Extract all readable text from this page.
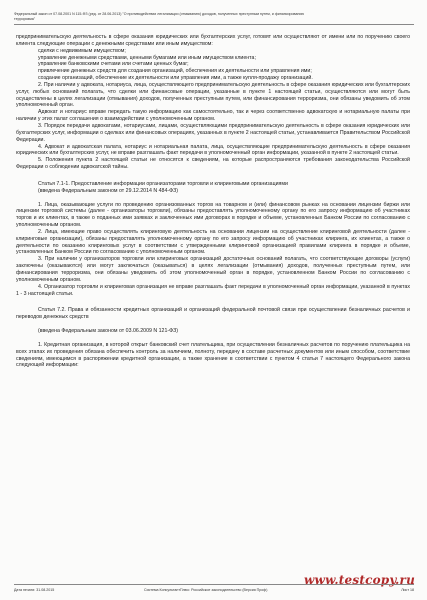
Федеральный закон от 07.08.2001 N 115-ФЗ (ред. от 28.06.2013) "О противодействии легализации (отмыванию) доходов, полученных преступным путем, и финансированию
терроризма"

предпринимательскую деятельность в сфере оказания юридических или бухгалтерских услуг, готовят или осуществляют от имени или по поручению своего клиента следующие операции с денежными средствами или иным имуществом:

сделки с недвижимым имуществом;

управление денежными средствами, ценными бумагами или иным имуществом клиента;

управление банковскими счетами или счетами ценных бумаг;

привлечение денежных средств для создания организаций, обеспечения их деятельности или управления ими;

создание организаций, обеспечение их деятельности или управления ими, а также купля-продажу организаций.

2. При наличии у адвоката, нотариуса, лица, осуществляющего предпринимательскую деятельность в сфере оказания юридических или бухгалтерских услуг, любых оснований полагать, что сделки или финансовые операции, указанные в пункте 1 настоящей статьи, осуществляются или могут быть осуществлены в целях легализации (отмывания) доходов, полученных преступным путем, или финансирования терроризма, они обязаны уведомить об этом уполномоченный орган.

Адвокат и нотариус вправе передать такую информацию как самостоятельно, так и через соответственно адвокатскую и нотариальную палаты при наличии у этих палат соглашения о взаимодействии с уполномоченным органом.

3. Порядок передачи адвокатами, нотариусами, лицами, осуществляющими предпринимательскую деятельность в сфере оказания юридических или бухгалтерских услуг, информации о сделках или финансовых операциях, указанных в пункте 2 настоящей статьи, устанавливается Правительством Российской Федерации.

4. Адвокат и адвокатская палата, нотариус и нотариальная палата, лица, осуществляющие предпринимательскую деятельность в сфере оказания юридических или бухгалтерских услуг, не вправе разглашать факт передачи в уполномоченный орган информации, указанной в пункте 2 настоящей статьи.

5. Положения пункта 2 настоящей статьи не относятся к сведениям, на которые распространяются требования законодательства Российской Федерации о соблюдении адвокатской тайны.

Статья 7.1-1. Предоставление информации организаторами торговли и клиринговыми организациями

(введена Федеральным законом от 29.12.2014 N 484-ФЗ)

1. Лица, оказывающие услуги по проведению организованных торгов на товарном и (или) финансовом рынках на основании лицензии биржи или лицензии торговой системы (далее - организаторы торговли), обязаны предоставлять уполномоченному органу по его запросу информацию об участниках торгов и их клиентах, в также о поданных ими заявках и заключенных ими договорах в порядке и объеме, установленных Банком России по согласованию с уполномоченным органом.

2. Лица, имеющие право осуществлять клиринговую деятельность на основании лицензии на осуществление клиринговой деятельности (далее - клиринговые организации), обязаны предоставлять уполномоченному органу по его запросу информацию об участниках клиринга, их клиентах, а также о деятельности по оказанию клиринговых услуг в соответствии с утвержденными клиринговой организацией правилами клиринга в порядке и объеме, установленных Банком России по согласованию с уполномоченным органом.

3. При наличии у организаторов торговли или клиринговых организаций достаточных оснований полагать, что соответствующие договоры (услуги) заключены (оказываются) или могут заключаться (оказываться) в целях легализации (отмывания) доходов, полученных преступным путем, или финансирования терроризма, они обязаны уведомить об этом уполномоченный орган в порядке, установленном Банком России по согласованию с уполномоченным органом.

4. Организатор торговли и клиринговая организация не вправе разглашать факт передачи в уполномоченный орган информации, указанной в пунктах 1 - 3 настоящей статьи.

Статья 7.2. Права и обязанности кредитных организаций и организаций федеральной почтовой связи при осуществлении безналичных расчетов и переводов денежных средств

(введена Федеральным законом от 03.06.2009 N 121-ФЗ)

1. Кредитная организация, в которой открыт банковский счет плательщика, при осуществлении безналичных расчетов по поручению плательщика на всех этапах их проведения обязана обеспечить контроль за наличием, полноту, передачу в составе расчетных документов или иным способом, соответствие сведениям, имеющимся в распоряжении кредитной организации, а также хранение в соответствии с пунктом 4 статьи 7 настоящего Федерального закона следующей информации:

www.testcopy.ru
Дата печати: 31.08.2015	Система КонсультантПлюс: Российское законодательство (Версия Проф)	Лист 18
